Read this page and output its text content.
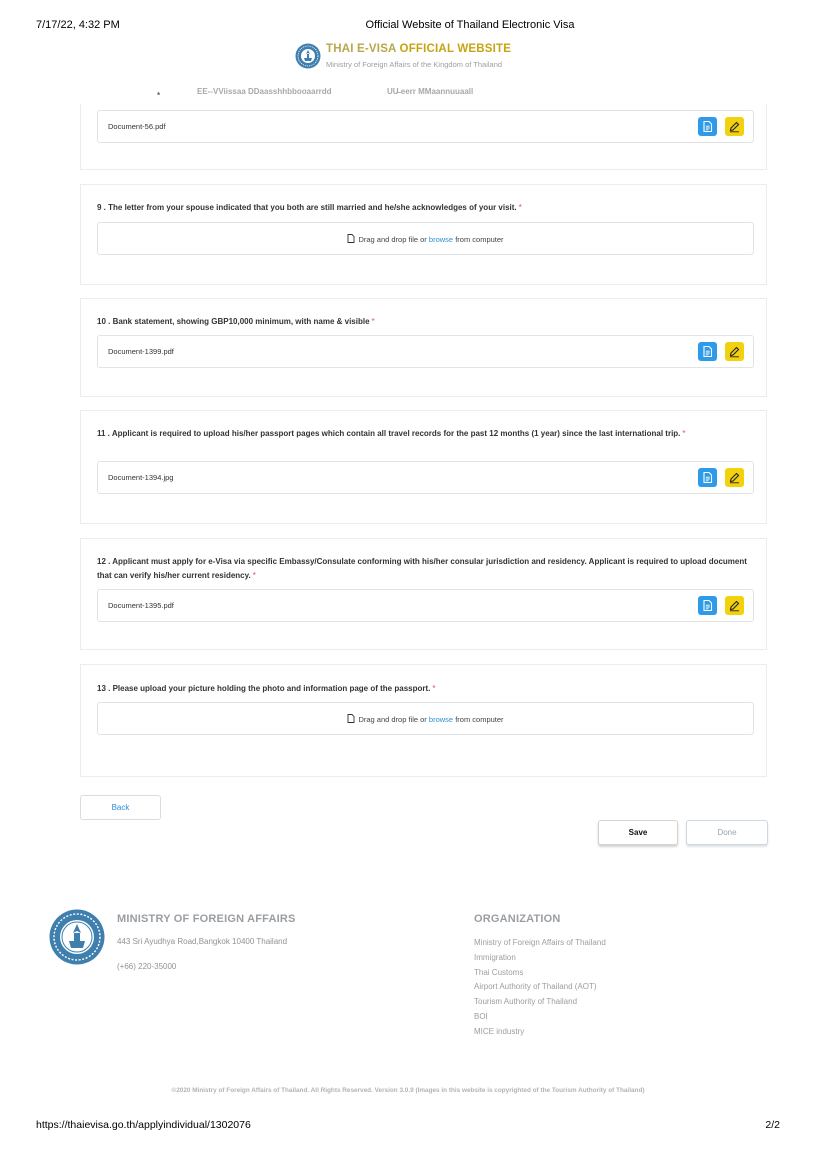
7/17/22, 4:32 PM	Official Website of Thailand Electronic Visa
THAI E-VISA OFFICIAL WEBSITE
Ministry of Foreign Affairs of the Kingdom of Thailand
*	EE--VViissaa DDaasshhbbooaarrdd	UU̶ eerr MMaannuuaall
Document-56.pdf
9 . The letter from your spouse indicated that you both are still married and he/she acknowledges of your visit. *
Drag and drop file or browse from computer
10 . Bank statement, showing GBP10,000 minimum, with name & visible *
Document-1399.pdf
11 . Applicant is required to upload his/her passport pages which contain all travel records for the past 12 months (1 year) since the last international trip. *
Document-1394.jpg
12 . Applicant must apply for e-Visa via specific Embassy/Consulate conforming with his/her consular jurisdiction and residency. Applicant is required to upload document that can verify his/her current residency. *
Document-1395.pdf
13 . Please upload your picture holding the photo and information page of the passport. *
Drag and drop file or browse from computer
Back
Save	Done
MINISTRY OF FOREIGN AFFAIRS
443 Sri Ayudhya Road,Bangkok 10400 Thailand
(+66) 220-35000
ORGANIZATION
Ministry of Foreign Affairs of Thailand
Immigration
Thai Customs
Airport Authority of Thailand (AOT)
Tourism Authority of Thailand
BOI
MICE industry
©2020 Ministry of Foreign Affairs of Thailand. All Rights Reserved. Version 3.0.9 (Images in this website is copyrighted of the Tourism Authority of Thailand)
https://thaievisa.go.th/applyindividual/1302076	2/2
